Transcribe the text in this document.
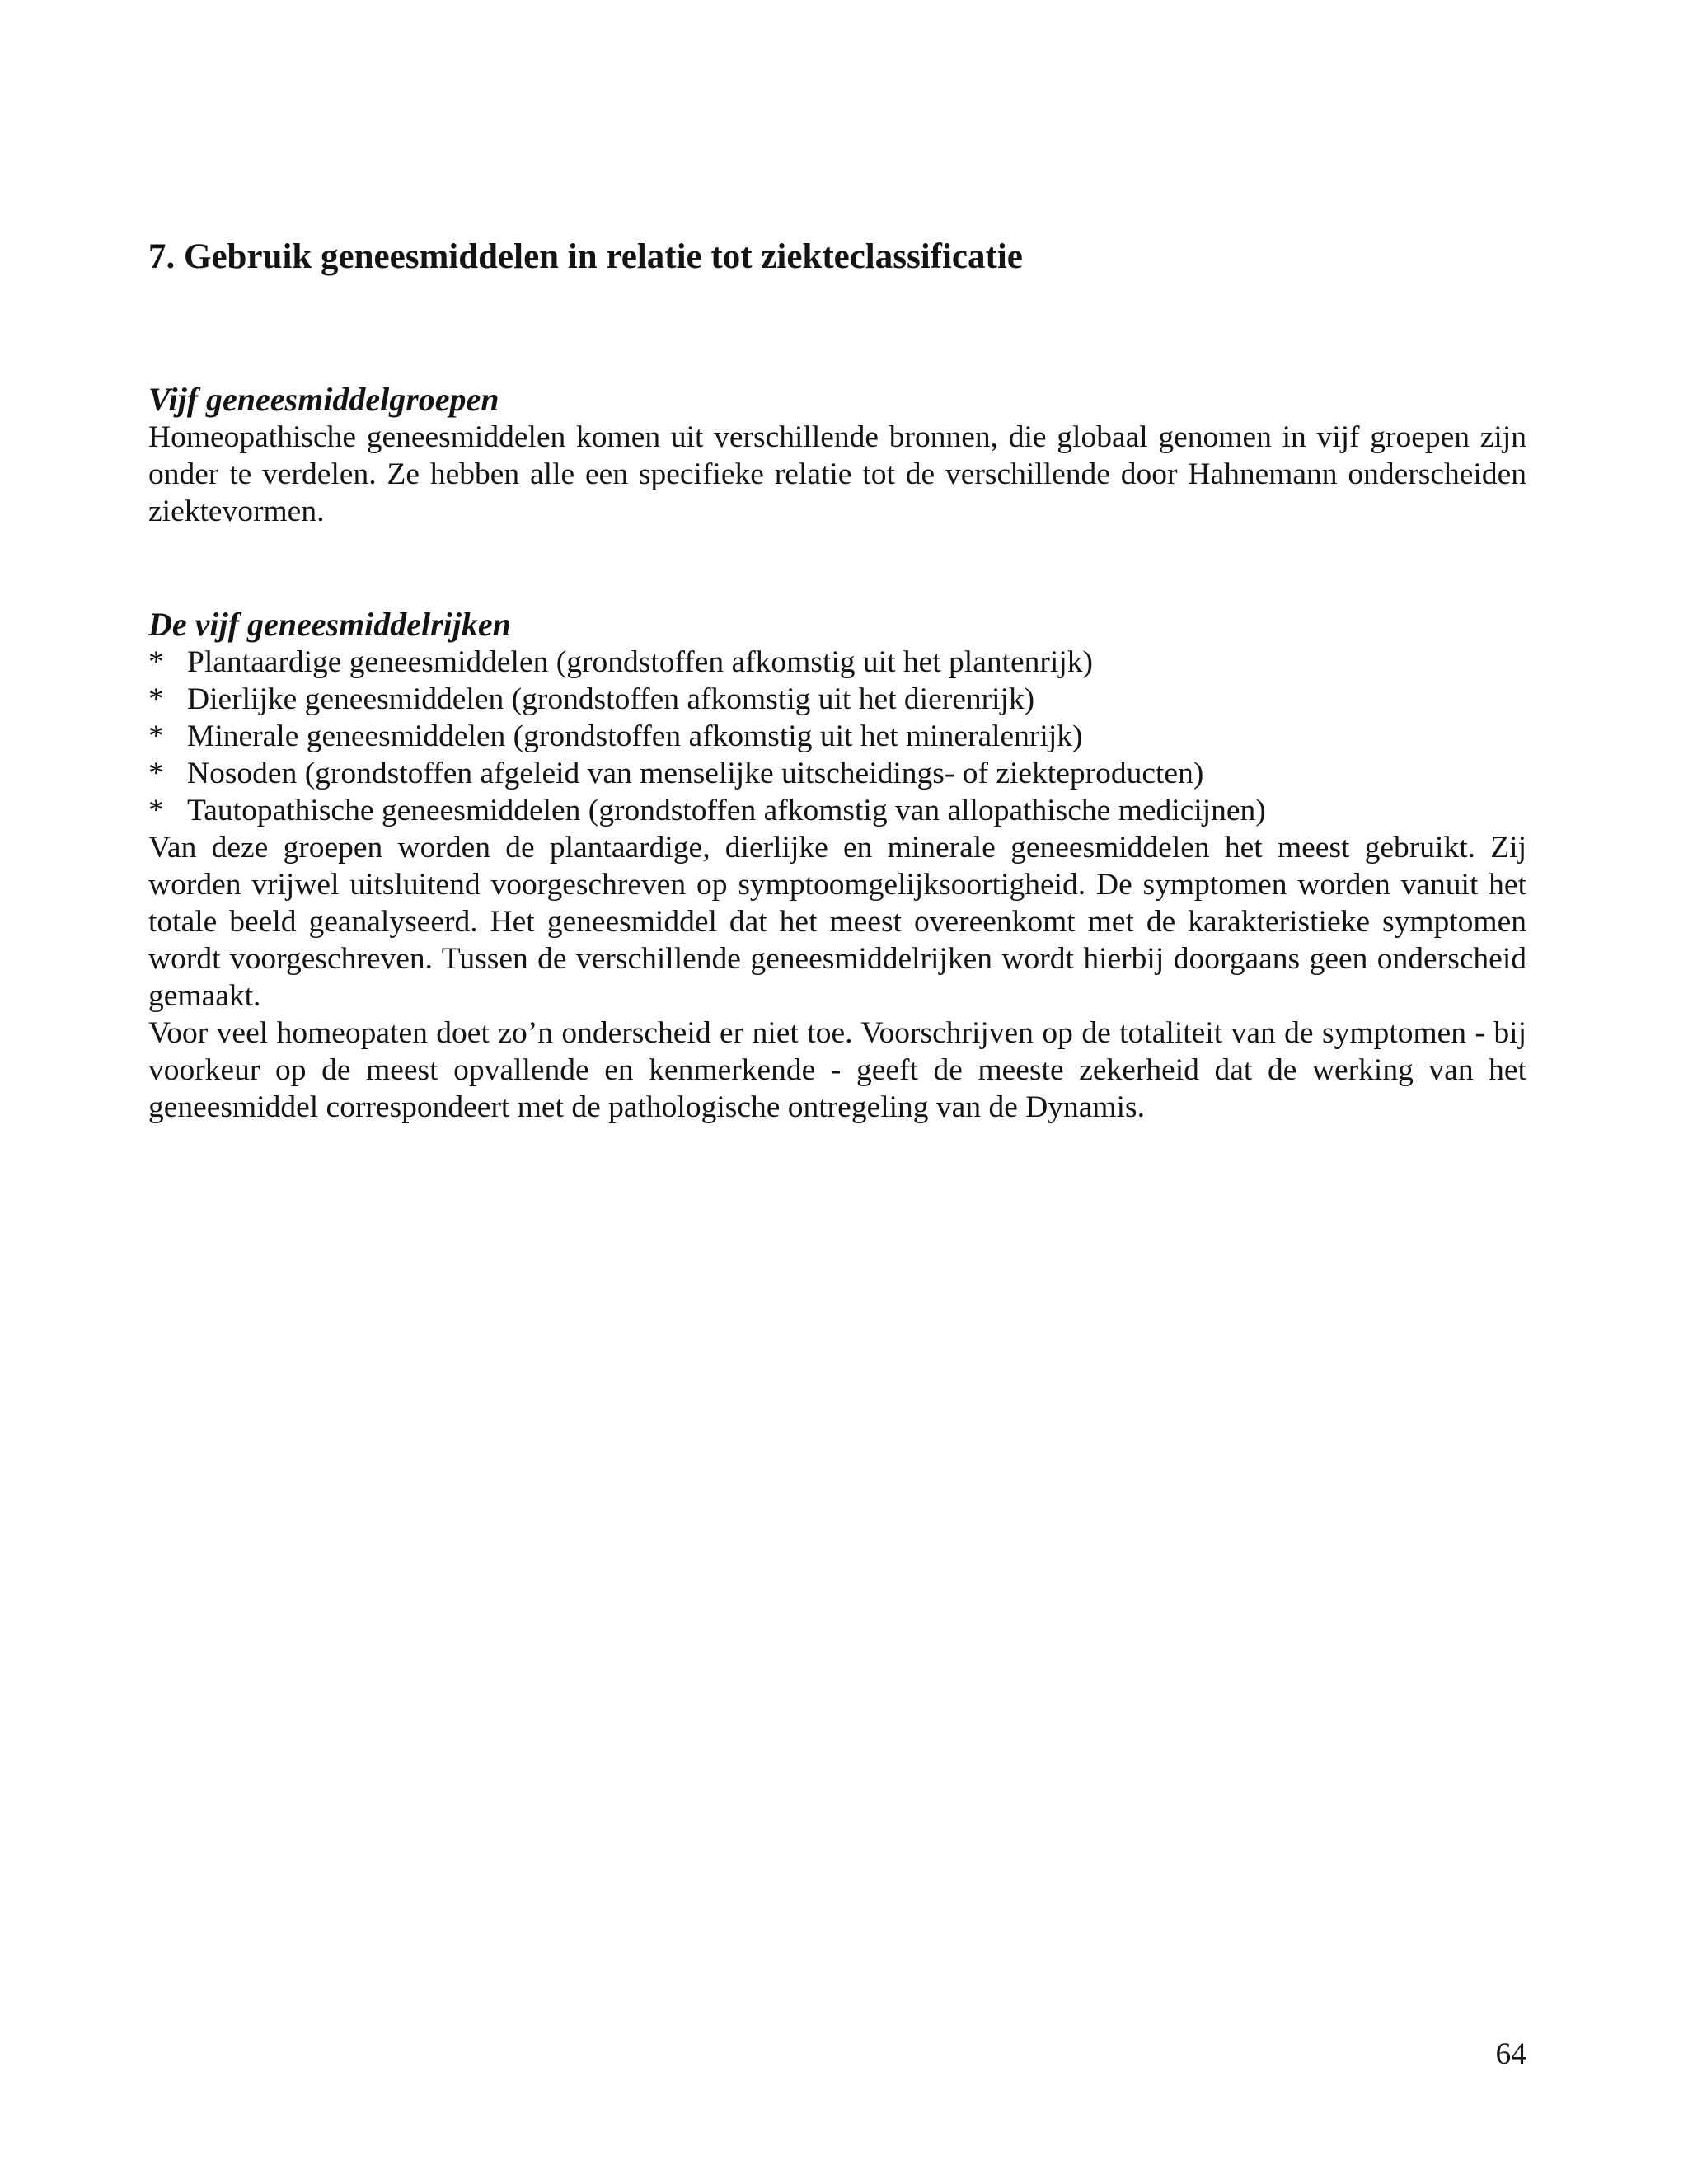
7. Gebruik geneesmiddelen in relatie tot ziekteclassificatie
Vijf geneesmiddelgroepen

Homeopathische geneesmiddelen komen uit verschillende bronnen, die globaal genomen in vijf groepen zijn onder te verdelen. Ze hebben alle een specifieke relatie tot de verschillende door Hahnemann onderscheiden ziektevormen.

De vijf geneesmiddelrijken
* Plantaardige geneesmiddelen (grondstoffen afkomstig uit het plantenrijk)
* Dierlijke geneesmiddelen (grondstoffen afkomstig uit het dierenrijk)
* Minerale geneesmiddelen (grondstoffen afkomstig uit het mineralenrijk)
* Nosoden (grondstoffen afgeleid van menselijke uitscheidings- of ziekteproducten)
* Tautopathische geneesmiddelen (grondstoffen afkomstig van allopathische medicijnen)

Van deze groepen worden de plantaardige, dierlijke en minerale geneesmiddelen het meest gebruikt. Zij worden vrijwel uitsluitend voorgeschreven op symptoomgelijksoortigheid. De symptomen worden vanuit het totale beeld geanalyseerd. Het geneesmiddel dat het meest overeenkomt met de karakteristieke symptomen wordt voorgeschreven. Tussen de verschillende geneesmiddelrijken wordt hierbij doorgaans geen onderscheid gemaakt.

Voor veel homeopaten doet zo’n onderscheid er niet toe. Voorschrijven op de totaliteit van de symptomen - bij voorkeur op de meest opvallende en kenmerkende - geeft de meeste zekerheid dat de werking van het geneesmiddel correspondeert met de pathologische ontregeling van de Dynamis.

64
